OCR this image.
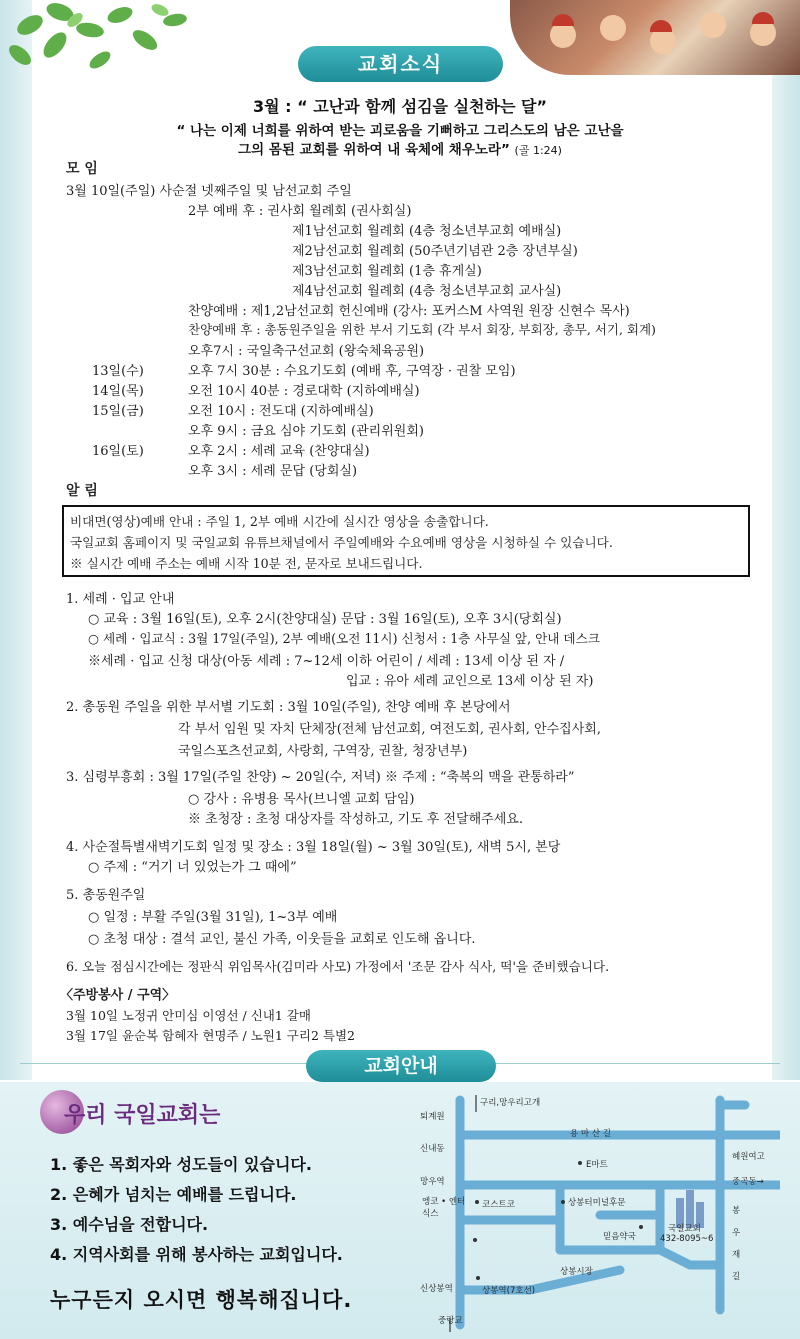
교회소식
3월 : “ 고난과 함께 섬김을 실천하는 달”
“ 나는 이제 너희를 위하여 받는 괴로움을 기뻐하고 그리스도의 남은 고난을
그의 몸된 교회를 위하여 내 육체에 채우노라” (골 1:24)
모 임
3월 10일(주일) 사순절 넷째주일 및 남선교회 주일
2부 예배 후 : 권사회 월례회 (권사회실)
제1남선교회 월례회 (4층 청소년부교회 예배실)
제2남선교회 월례회 (50주년기념관 2층 장년부실)
제3남선교회 월례회 (1층 휴게실)
제4남선교회 월례회 (4층 청소년부교회 교사실)
찬양예배 : 제1,2남선교회 헌신예배 (강사: 포커스M 사역원 원장 신현수 목사)
찬양예배 후 : 총동원주일을 위한 부서 기도회 (각 부서 회장, 부회장, 총무, 서기, 회계)
오후7시 : 국일축구선교회 (왕숙체육공원)
13일(수)	오후 7시 30분 : 수요기도회 (예배 후, 구역장 · 권찰 모임)
14일(목)	오전 10시 40분 : 경로대학 (지하예배실)
15일(금)	오전 10시 : 전도대 (지하예배실)
오후 9시 : 금요 심야 기도회 (관리위원회)
16일(토)	오후 2시 : 세례 교육 (찬양대실)
오후 3시 : 세례 문답 (당회실)
알 림
비대면(영상)예배 안내 : 주일 1, 2부 예배 시간에 실시간 영상을 송출합니다.
국일교회 홈페이지 및 국일교회 유튜브채널에서 주일예배와 수요예배 영상을 시청하실 수 있습니다.
※ 실시간 예배 주소는 예배 시작 10분 전, 문자로 보내드립니다.
1. 세례 · 입교 안내
○ 교육 : 3월 16일(토), 오후 2시(찬양대실) 문답 : 3월 16일(토), 오후 3시(당회실)
○ 세례 · 입교식 : 3월 17일(주일), 2부 예배(오전 11시) 신청서 : 1층 사무실 앞, 안내 데스크
※세례 · 입교 신청 대상(아동 세례 : 7~12세 이하 어린이 / 세례 : 13세 이상 된 자 /
입교 : 유아 세례 교인으로 13세 이상 된 자)
2. 총동원 주일을 위한 부서별 기도회 : 3월 10일(주일), 찬양 예배 후 본당에서
각 부서 임원 및 자치 단체장(전체 남선교회, 여전도회, 권사회, 안수집사회,
국일스포츠선교회, 사랑회, 구역장, 권찰, 청장년부)
3. 심령부흥회 : 3월 17일(주일 찬양) ~ 20일(수, 저녁) ※ 주제 : “축복의 맥을 관통하라”
○ 강사 : 유병용 목사(브니엘 교회 담임)
※ 초청장 : 초청 대상자를 작성하고, 기도 후 전달해주세요.
4. 사순절특별새벽기도회 일정 및 장소 : 3월 18일(월) ~ 3월 30일(토), 새벽 5시, 본당
○ 주제 : “거기 너 있었는가 그 때에”
5. 총동원주일
○ 일정 : 부활 주일(3월 31일), 1~3부 예배
○ 초청 대상 : 결석 교인, 불신 가족, 이웃들을 교회로 인도해 옵니다.
6. 오늘 점심시간에는 정판식 위임목사(김미라 사모) 가정에서 '조문 감사 식사, 떡'을 준비했습니다.
〈주방봉사 / 구역〉
3월 10일 노정귀 안미심 이영선 / 신내1 갈매
3월 17일 윤순복 함혜자 현명주 / 노원1 구리2 특별2
교회안내
우리 국일교회는
1. 좋은 목회자와 성도들이 있습니다.
2. 은혜가 넘치는 예배를 드립니다.
3. 예수님을 전합니다.
4. 지역사회를 위해 봉사하는 교회입니다.
누구든지 오시면 행복해집니다.
구리,망우리고개
퇴계원
용 마 산 길
신내동
혜원여고
E마트
망우역	중곡동→
엥코 • 엔터식스
코스트코	상봉터미널후문
국일교회
432-8095~6
믿음약국
봉 우 재 길
상봉시장
신상봉역	상봉역(7호선)
중랑교
